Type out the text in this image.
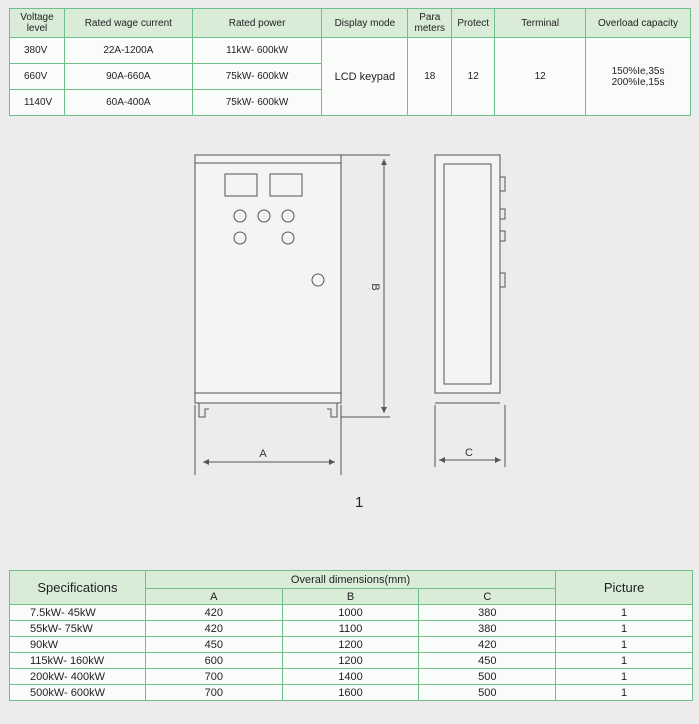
Voltage level	Rated wage current	Rated power	Display mode	Para meters	Protect	Terminal	Overload capacity
380V	22A-1200A	11kW- 600kW	LCD keypad	18	12	12	150%Ie,35s
200%Ie,15s

660V	90A-660A	75kW- 600kW					
1140V	60A-400A	75kW- 600kW					
A
B
C
1
Specifications	Overall dimensions(mm)			Picture
	A	B	C	
7.5kW- 45kW	420	1000	380	1
55kW- 75kW	420	1100	380	1
90kW	450	1200	420	1
115kW- 160kW	600	1200	450	1
200kW- 400kW	700	1400	500	1
500kW- 600kW	700	1600	500	1
